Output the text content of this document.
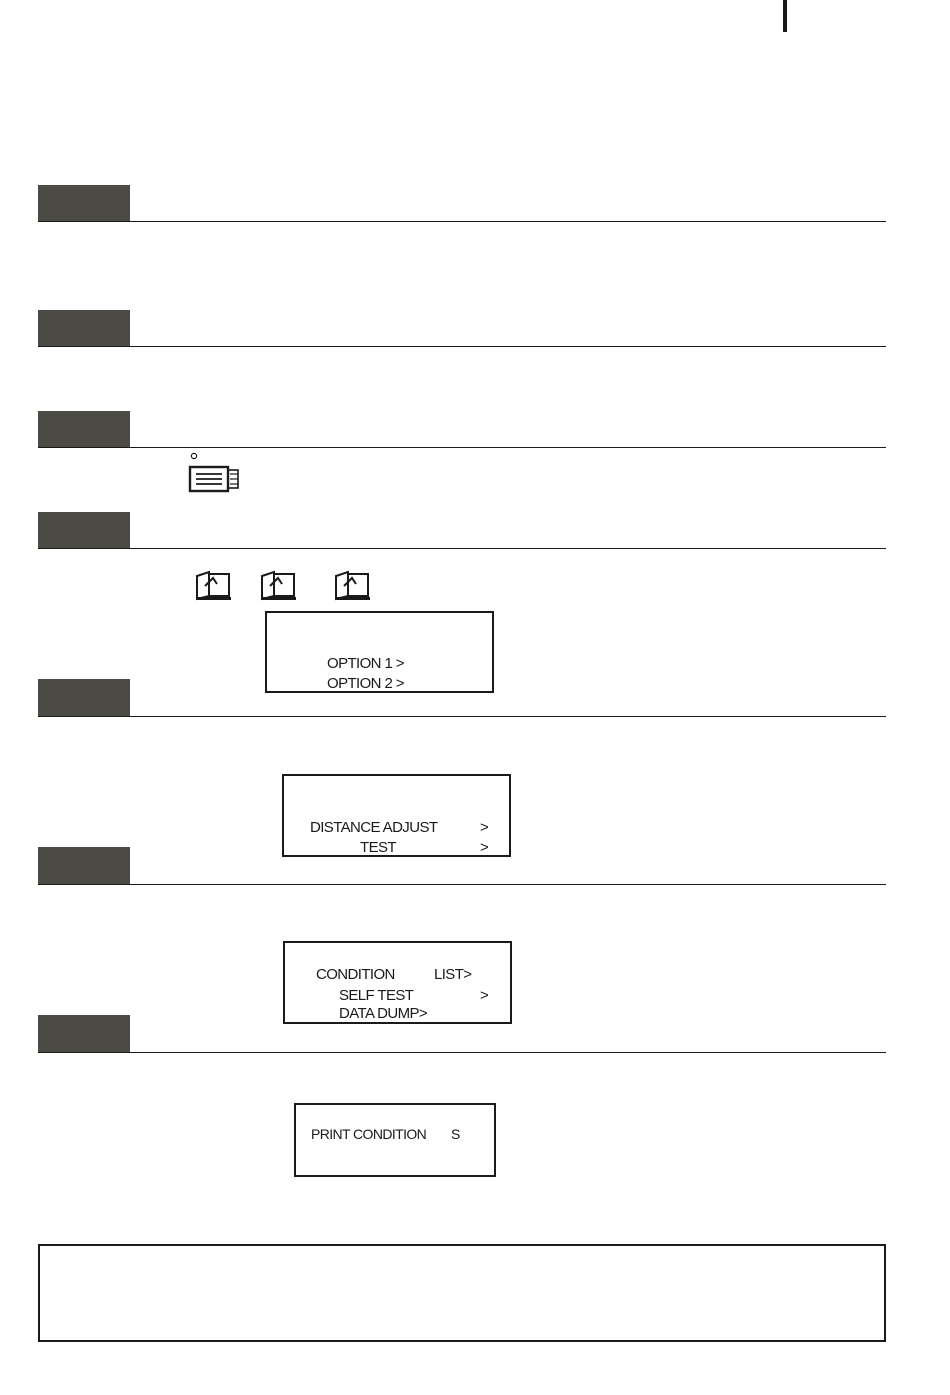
OPTION 1 >
OPTION 2 >
DISTANCE ADJUST	>
TEST	>
CONDITION	LIST>
SELF TEST	>
DATA DUMP>
PRINT CONDITION S
